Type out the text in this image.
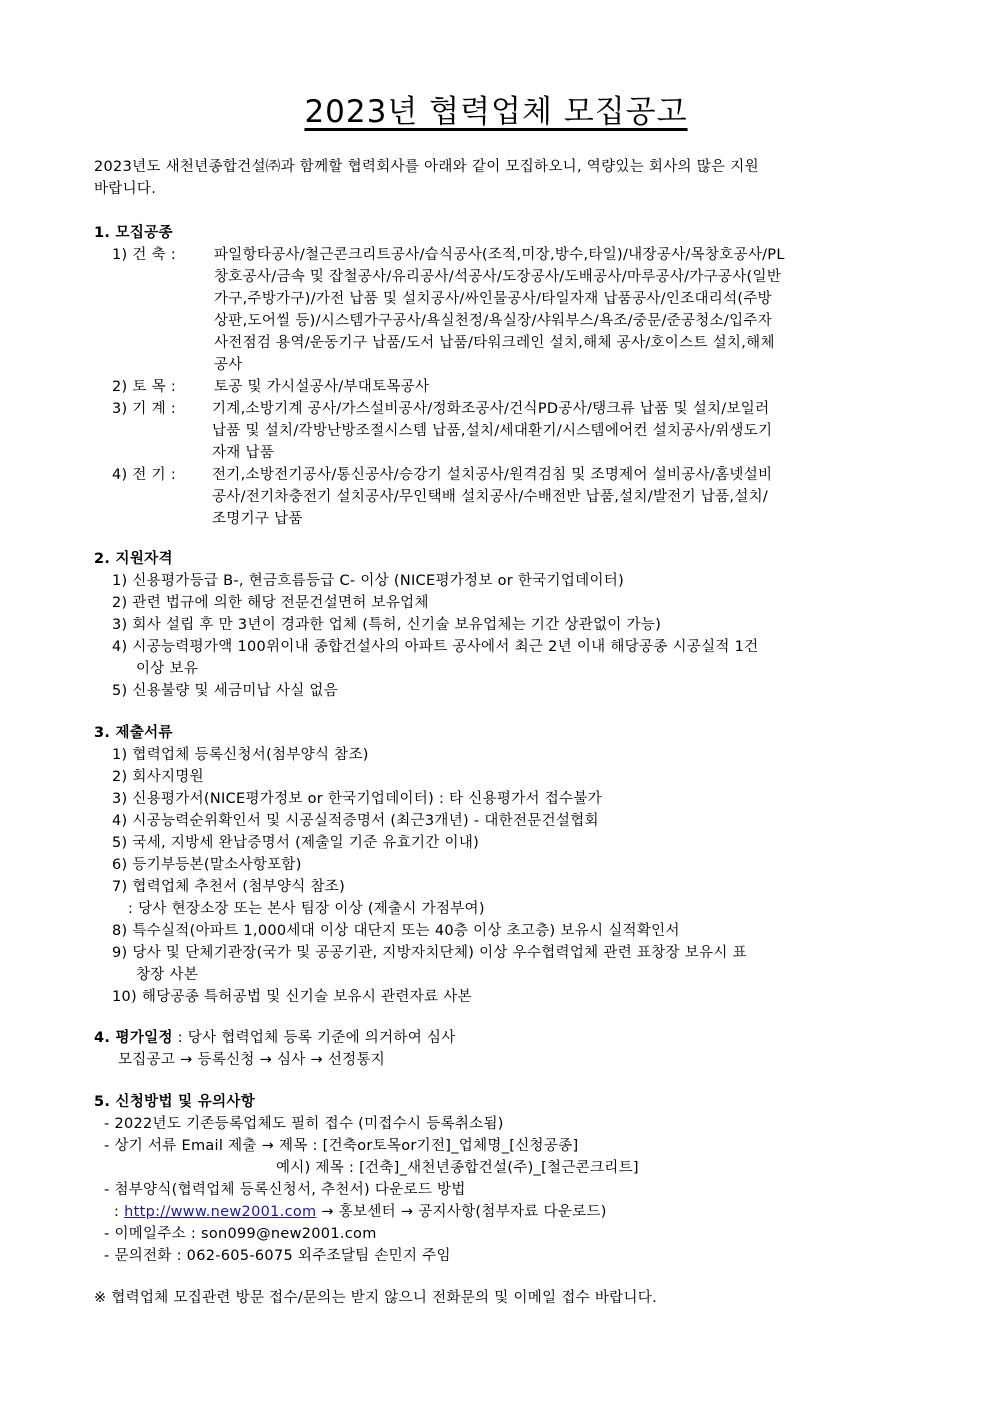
2023년 협력업체 모집공고
2023년도 새천년종합건설㈜과 함께할 협력회사를 아래와 같이 모집하오니, 역량있는 회사의 많은 지원
바랍니다.
1. 모집공종
1) 건 축 :	파일항타공사/철근콘크리트공사/습식공사(조적,미장,방수,타일)/내장공사/목창호공사/PL
창호공사/금속 및 잡철공사/유리공사/석공사/도장공사/도배공사/마루공사/가구공사(일반
가구,주방가구)/가전 납품 및 설치공사/싸인물공사/타일자재 납품공사/인조대리석(주방
상판,도어씰 등)/시스템가구공사/욕실천정/욕실장/샤워부스/욕조/중문/준공청소/입주자
사전점검 용역/운동기구 납품/도서 납품/타워크레인 설치,해체 공사/호이스트 설치,해체
공사
2) 토 목 :	토공 및 가시설공사/부대토목공사
3) 기 계 : 기계,소방기계 공사/가스설비공사/정화조공사/건식PD공사/탱크류 납품 및 설치/보일러
납품 및 설치/각방난방조절시스템 납품,설치/세대환기/시스템에어컨 설치공사/위생도기
자재 납품
4) 전 기 : 전기,소방전기공사/통신공사/승강기 설치공사/원격검침 및 조명제어 설비공사/홈넷설비
공사/전기차충전기 설치공사/무인택배 설치공사/수배전반 납품,설치/발전기 납품,설치/
조명기구 납품
2. 지원자격
1) 신용평가등급 B-, 현금흐름등급 C- 이상 (NICE평가정보 or 한국기업데이터)
2) 관련 법규에 의한 해당 전문건설면허 보유업체
3) 회사 설립 후 만 3년이 경과한 업체 (특허, 신기술 보유업체는 기간 상관없이 가능)
4) 시공능력평가액 100위이내 종합건설사의 아파트 공사에서 최근 2년 이내 해당공종 시공실적 1건
이상 보유
5) 신용불량 및 세금미납 사실 없음
3. 제출서류
1) 협력업체 등록신청서(첨부양식 참조)
2) 회사지명원
3) 신용평가서(NICE평가정보 or 한국기업데이터) : 타 신용평가서 접수불가
4) 시공능력순위확인서 및 시공실적증명서 (최근3개년) - 대한전문건설협회
5) 국세, 지방세 완납증명서 (제출일 기준 유효기간 이내)
6) 등기부등본(말소사항포함)
7) 협력업체 추천서 (첨부양식 참조)
: 당사 현장소장 또는 본사 팀장 이상 (제출시 가점부여)
8) 특수실적(아파트 1,000세대 이상 대단지 또는 40층 이상 초고층) 보유시 실적확인서
9) 당사 및 단체기관장(국가 및 공공기관, 지방자치단체) 이상 우수협력업체 관련 표창장 보유시 표
창장 사본
10) 해당공종 특허공법 및 신기술 보유시 관련자료 사본
4. 평가일정 : 당사 협력업체 등록 기준에 의거하여 심사
모집공고 → 등록신청 → 심사 → 선정통지
5. 신청방법 및 유의사항
- 2022년도 기존등록업체도 필히 접수 (미접수시 등록취소됨)
- 상기 서류 Email 제출 → 제목 : [건축or토목or기전]_업체명_[신청공종]
예시) 제목 : [건축]_새천년종합건설(주)_[철근콘크리트]
- 첨부양식(협력업체 등록신청서, 추천서) 다운로드 방법
: http://www.new2001.com → 홍보센터 → 공지사항(첨부자료 다운로드)
- 이메일주소 : son099@new2001.com
- 문의전화 : 062-605-6075 외주조달팀 손민지 주임
※ 협력업체 모집관련 방문 접수/문의는 받지 않으니 전화문의 및 이메일 접수 바랍니다.
